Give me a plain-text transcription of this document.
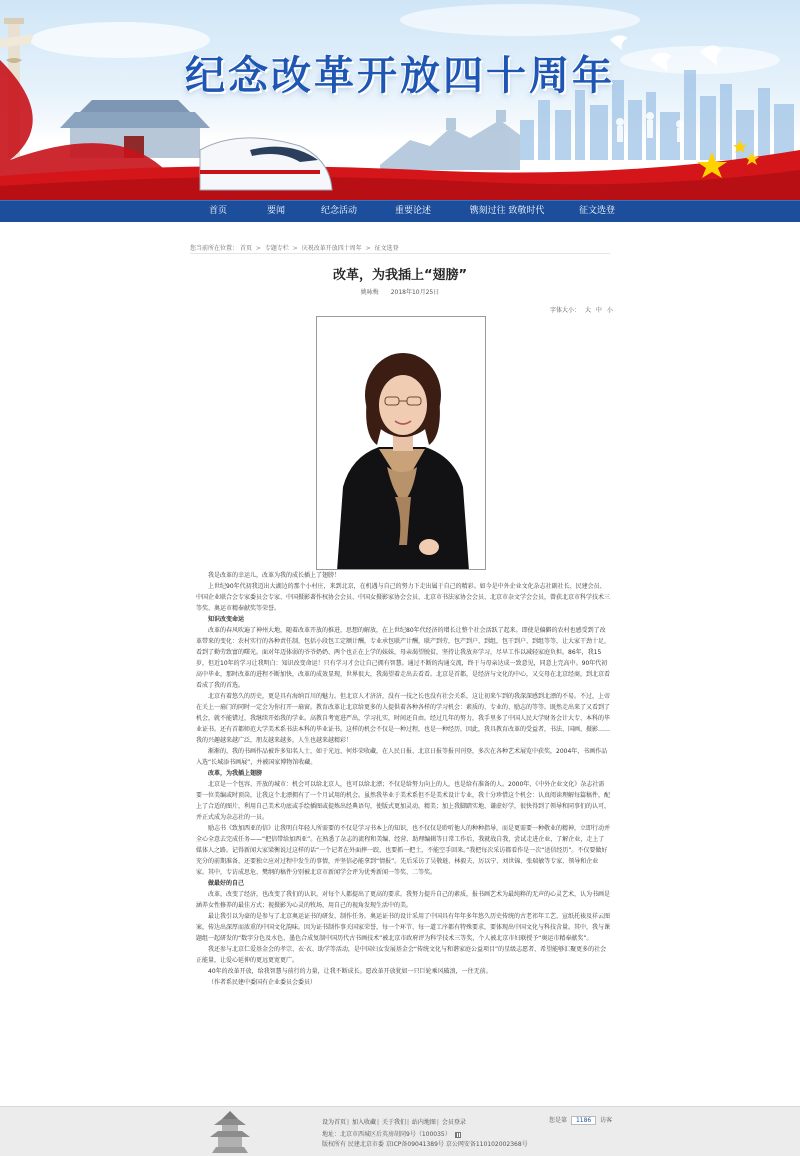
纪念改革开放四十周年
首页	要闻	纪念活动	重要论述	镌刻过往 致敬时代	征文选登
您当前所在位置： 首页 > 专题专栏 > 庆祝改革开放四十周年 > 征文选登
改革，为我插上“翅膀”
姚咏梅 2018年10月25日
字体大小： 大 中 小

我是改革的幸运儿，改革为我的成长插上了翅膀！

上世纪90年代初我迈出大湖边的那个小村庄，来到北京，在机遇与自己的努力下走出属于自己的精彩。如今是中外企业文化杂志社副社长、民建会员、中国企业联合会专家委员会专家、中国摄影著作权协会会员、中国女摄影家协会会员、北京市书法家协会会员、北京市杂文学会会员，曾获北京市科学技术三等奖、奥运市精奉献奖等荣誉。

知识改变命运

改革的春风吹遍了神州大地，随着改革开放的推进，思想的解放，在上世纪80年代经济的增长让整个社会活跃了起来。即使是偏僻的农村也感受到了改革带来的变化：农村实行的各种责任制，包括小段包工定额计酬，专业承包联产计酬，联产到劳，包产到户、到组，包干到户、到组等等，让大家干劲十足，看到了勤劳致富的曙光。面对年迈体弱的爷爷奶奶、两个也正在上学的妹妹，母亲渴望脱贫，坚持让我放弃学习，尽早工作以减轻家庭负担。86年，我15岁，但近10年的学习让我明白：知识改变命运！只有学习才会让自己拥有智慧。通过不断的沟通交流，终于与母亲达成一致意见，同意上完高中。90年代初高中毕业，那时改革的进程不断加快，改革的成效显现，世界很大，我渴望着走出去看看。北京是首都，是经济与文化的中心，又交母在北京经商，到北京看看成了我的首选。

北京有着悠久的历史，更是具有海纳百川的魅力。但北京人才济济，没有一技之长也没有社会关系，这让初来乍到的我深深感到北漂的不易。不过，上帝在关上一扇门的同时一定会为你打开一扇窗。教育改革让北京给更多的人提供着各种各样的学习机会：素质的、专业的、励志的等等。既然走出来了又看到了机会，就不能错过，我继续开始我的学业。高教自考宽进严出，学习扎实，时间还自由。经过几年的努力，我手里多了中国人民大学财务会计大专、本科的毕业证书。还有首都师范大学美术系书法本科的毕业证书。这样的机会不仅是一种过程，也是一种经历，因此，我具教育改革的受益者，书法、国画、摄影……我的兴趣越来越广泛，朋友越来越多，人生也越来越精彩！

渐渐的，我的书画作品被许多知名人士，如于光远、何炸荣收藏，在人民日报、北京日报等报刊刊登，多次在各种艺术展览中获奖，2004年，书画作品入选“长城添书画展”，并被国家博物馆收藏。

改革，为我插上翅膀

北京是一个包容、开放的城市：机会可以给北京人，也可以给北漂；不仅是给努力向上的人，也是给有准备的人。2000年，《中外企业文化》杂志社需要一位美编或时顶岗，让我这个北漂拥有了一个月试用的机会。虽然我毕业于美术系但不是美术设计专业，我十分珍惜这个机会：认真阅读理解每篇稿件，配上了合适的图片，利用自己美术功底或手绘插图或提炼出经典语句，使版式更加灵动，精美；加上我脚踏实地、谦虚好学，很快得到了领导和同事们的认可，并正式成为杂志社的一员。

励志书《致加西亚的信》让我明白年轻人所需要的不仅是学习书本上的知识，也不仅仅是聆听他人的种种指导，而是更需要一种敬业的精神，立即行动并全心全意去完成任务——“把信带给加西亚”。在熟悉了杂志的流程和美编、经营、助理编辑等日常工作后，我就战自我，尝试走进企业，了解企业，走上了媒体人之路。记得新闻大家梁衡说过这样的话“一个记者在外面摔一跤，也要抓一把土，不能空手回来。”我把每次采访都看作是一次“送信经历”。不仅要做好充分的前期准备，还要独立应对过程中发生的事情，并坚信必能拿到“情报”。先后采访了吴敬琏、林毅夫、厉以宁、刘世锦、张瑞敏等专家、领导和企业家。其中，专访成思危、樊纲的稿件分别被北京市新闻学会评为优秀新闻一等奖、二等奖。

做最好的自己

改革，改变了经济，也改变了我们的认识，对每个人都提出了更高的要求。我努力提升自己的素质，报书画艺术为最纯粹的无声的心灵艺术，认为书画是涵养女性修养的最佳方式；视摄影为心灵的牧场，用自己的视角发现生活中的美。

最让我引以为豪的是参与了北京奥运证书的研发、制作任务。奥运证书的设计采用了中国具有年年多年悠久历史传统的古老祁年工艺、宣纸托裱及祥云图案，传达出深厚而浓重的中国文化韵味。因为证书制作事关国家荣誉，每一个环节、每一道工序都有特殊要求，要体现出中国文化与科技含量。其中，我与课题组一起研发的“数字分色及水色、墨色合成复制中国历代古书画技术”被北京市政府评为科学技术三等奖，个人被北京市妇联授予“奥运市精奉献奖”。

我还参与北京仁爱基金会的孝宗、衣·衣、助学等活动，是中国妇女发展基金会“传统文化与和谐家庭公益项目”的星级志愿者，希望能够汇聚更多的社会正能量，让爱心延伸的更远更宽更广。

40年的改革开放，给我智慧与前行的力量，让我不断成长。愿改革开放犹如一只巨轮乘风破浪，一往无前。

（作者系民建中委国有企业委员会委员）

设为首页| 加入收藏| 关于我们| 站内地图| 会员登录
地址：北京市西城区后英房胡同9号（100035）
版权所有 民建北京市委 京ICP备09041389号 京公网安备110102002368号
您是第 1186 访客
